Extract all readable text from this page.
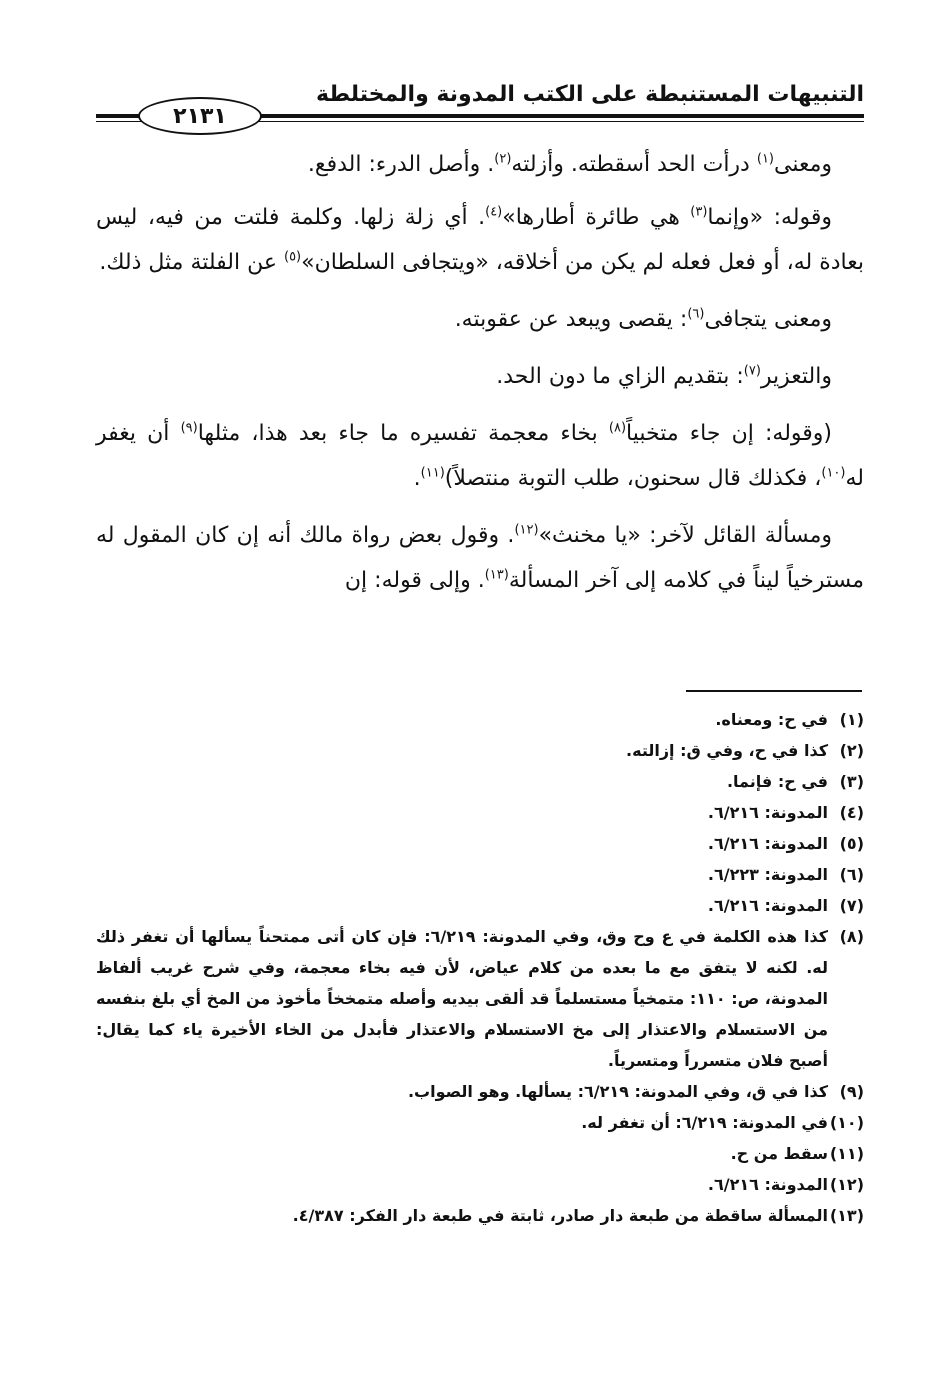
التنبيهات المستنبطة على الكتب المدونة والمختلطة
٢١٣١

ومعنى$^{(١)}$ درأت الحد أسقطته. وأزلته$^{(٢)}$. وأصل الدرء: الدفع.

وقوله: «وإنما$^{(٣)}$ هي طائرة أطارها»$^{(٤)}$. أي زلة زلها. وكلمة فلتت من فيه، ليس بعادة له، أو فعل فعله لم يكن من أخلاقه، «ويتجافى السلطان»$^{(٥)}$ عن الفلتة مثل ذلك.

ومعنى يتجافى$^{(٦)}$: يقصى ويبعد عن عقوبته.

والتعزير$^{(٧)}$: بتقديم الزاي ما دون الحد.

(وقوله: إن جاء متخبياً$^{(٨)}$ بخاء معجمة تفسيره ما جاء بعد هذا، مثلها$^{(٩)}$ أن يغفر له$^{(١٠)}$، فكذلك قال سحنون، طلب التوبة منتصلاً)$^{(١١)}$.

ومسألة القائل لآخر: «يا مخنث»$^{(١٢)}$. وقول بعض رواة مالك أنه إن كان المقول له مسترخياً ليناً في كلامه إلى آخر المسألة$^{(١٣)}$. وإلى قوله: إن

(١)
في ح: ومعناه.
(٢)
كذا في ح، وفي ق: إزالته.
(٣)
في ح: فإنما.
(٤)
المدونة: ٦/٢١٦.
(٥)
المدونة: ٦/٢١٦.
(٦)
المدونة: ٦/٢٢٣.
(٧)
المدونة: ٦/٢١٦.
(٨)
كذا هذه الكلمة في ع وح وق، وفي المدونة: ٦/٢١٩: فإن كان أتى ممتحناً يسألها أن تغفر ذلك له. لكنه لا يتفق مع ما بعده من كلام عياض، لأن فيه بخاء معجمة، وفي شرح غريب ألفاظ المدونة، ص: ١١٠: متمخياً مستسلماً قد ألقى بيديه وأصله متمخخاً مأخوذ من المخ أي بلغ بنفسه من الاستسلام والاعتذار إلى مخ الاستسلام والاعتذار فأبدل من الخاء الأخيرة ياء كما يقال: أصبح فلان متسرراً ومتسرياً.
(٩)
كذا في ق، وفي المدونة: ٦/٢١٩: يسألها. وهو الصواب.
(١٠)
في المدونة: ٦/٢١٩: أن تغفر له.
(١١)
سقط من ح.
(١٢)
المدونة: ٦/٢١٦.
(١٣)
المسألة ساقطة من طبعة دار صادر، ثابتة في طبعة دار الفكر: ٤/٣٨٧.
